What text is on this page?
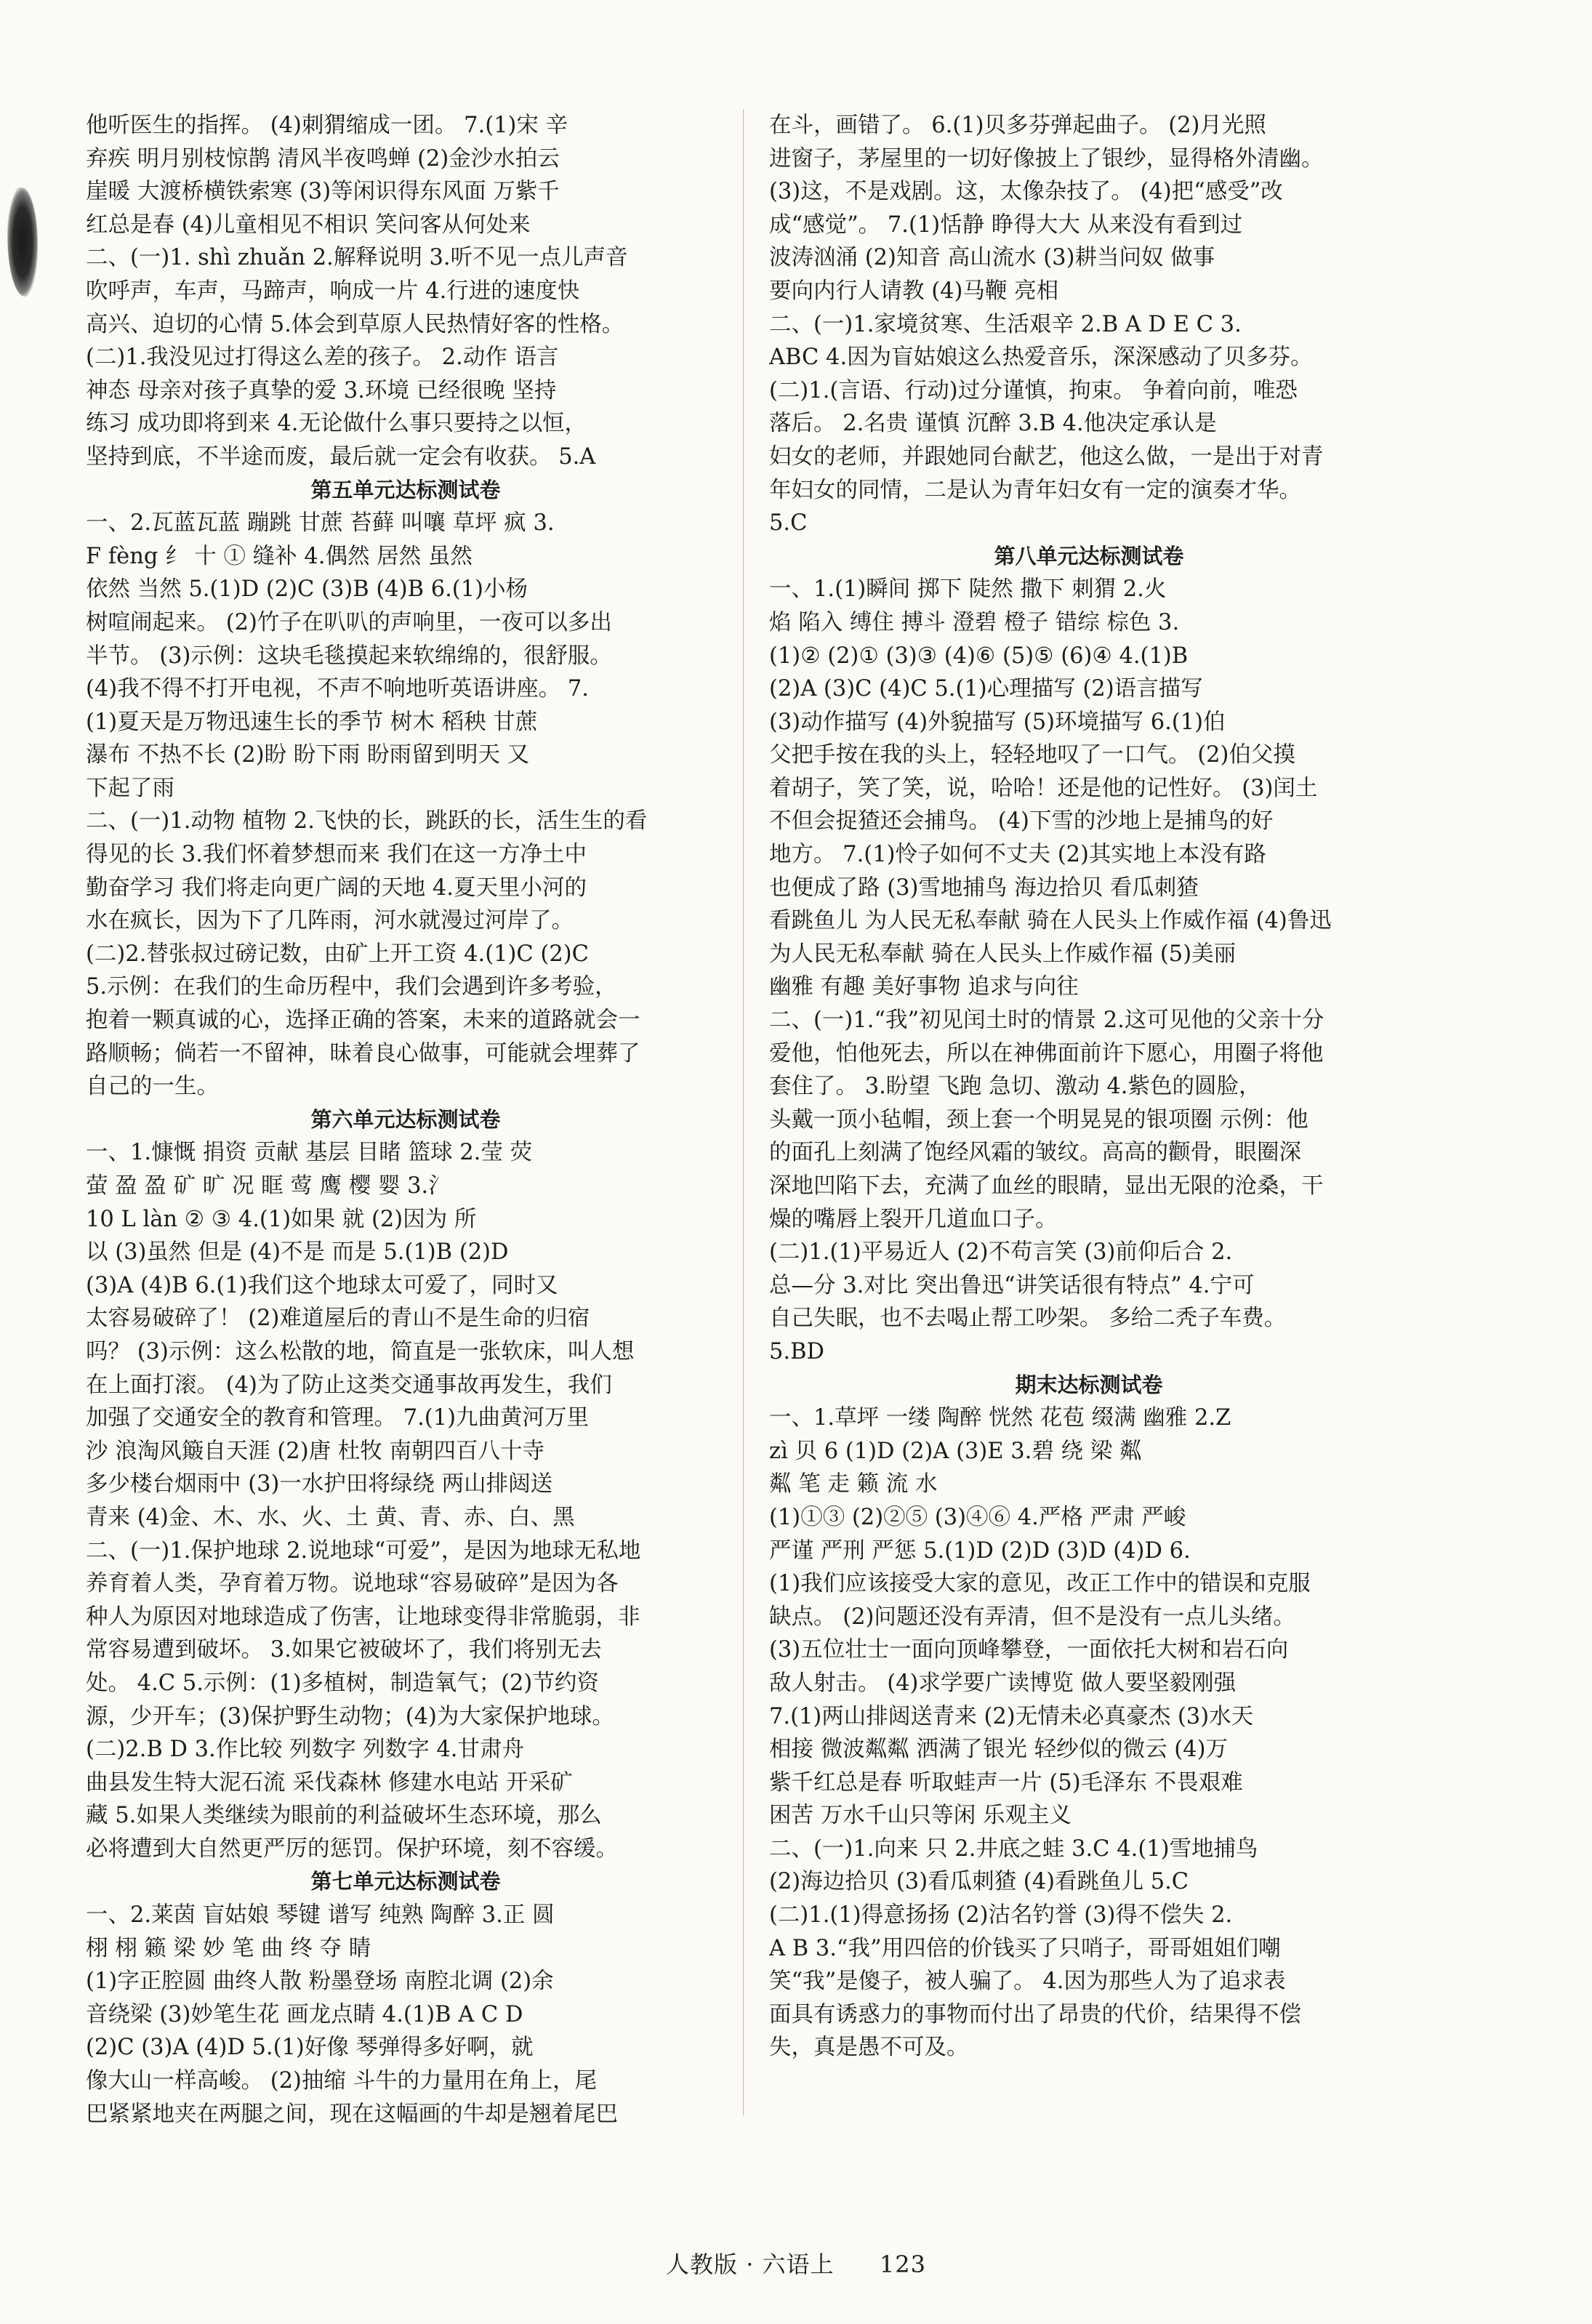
他听医生的指挥。 (4)刺猬缩成一团。 7.(1)宋 辛
弃疾 明月别枝惊鹊 清风半夜鸣蝉 (2)金沙水拍云
崖暖 大渡桥横铁索寒 (3)等闲识得东风面 万紫千
红总是春 (4)儿童相见不相识 笑问客从何处来
二、(一)1. shì zhuǎn 2.解释说明 3.听不见一点儿声音
吹呼声，车声，马蹄声，响成一片 4.行进的速度快
高兴、迫切的心情 5.体会到草原人民热情好客的性格。
(二)1.我没见过打得这么差的孩子。 2.动作 语言
神态 母亲对孩子真挚的爱 3.环境 已经很晚 坚持
练习 成功即将到来 4.无论做什么事只要持之以恒，
坚持到底，不半途而废，最后就一定会有收获。 5.A
第五单元达标测试卷
一、2.瓦蓝瓦蓝 蹦跳 甘蔗 苔藓 叫嚷 草坪 疯 3.
F fèng 纟 十 ① 缝补 4.偶然 居然 虽然
依然 当然 5.(1)D (2)C (3)B (4)B 6.(1)小杨
树喧闹起来。 (2)竹子在叭叭的声响里，一夜可以多出
半节。 (3)示例：这块毛毯摸起来软绵绵的，很舒服。
(4)我不得不打开电视，不声不响地听英语讲座。 7.
(1)夏天是万物迅速生长的季节 树木 稻秧 甘蔗
瀑布 不热不长 (2)盼 盼下雨 盼雨留到明天 又
下起了雨
二、(一)1.动物 植物 2.飞快的长，跳跃的长，活生生的看
得见的长 3.我们怀着梦想而来 我们在这一方净土中
勤奋学习 我们将走向更广阔的天地 4.夏天里小河的
水在疯长，因为下了几阵雨，河水就漫过河岸了。
(二)2.替张叔过磅记数，由矿上开工资 4.(1)C (2)C
5.示例：在我们的生命历程中，我们会遇到许多考验，
抱着一颗真诚的心，选择正确的答案，未来的道路就会一
路顺畅；倘若一不留神，昧着良心做事，可能就会埋葬了
自己的一生。
第六单元达标测试卷
一、1.慷慨 捐资 贡献 基层 目睹 篮球 2.莹 荧
萤 盈 盈 矿 旷 况 眶 莺 鹰 樱 婴 3.氵
10 L làn ② ③ 4.(1)如果 就 (2)因为 所
以 (3)虽然 但是 (4)不是 而是 5.(1)B (2)D
(3)A (4)B 6.(1)我们这个地球太可爱了，同时又
太容易破碎了！ (2)难道屋后的青山不是生命的归宿
吗？ (3)示例：这么松散的地，简直是一张软床，叫人想
在上面打滚。 (4)为了防止这类交通事故再发生，我们
加强了交通安全的教育和管理。 7.(1)九曲黄河万里
沙 浪淘风簸自天涯 (2)唐 杜牧 南朝四百八十寺
多少楼台烟雨中 (3)一水护田将绿绕 两山排闼送
青来 (4)金、木、水、火、土 黄、青、赤、白、黑
二、(一)1.保护地球 2.说地球“可爱”，是因为地球无私地
养育着人类，孕育着万物。说地球“容易破碎”是因为各
种人为原因对地球造成了伤害，让地球变得非常脆弱，非
常容易遭到破坏。 3.如果它被破坏了，我们将别无去
处。 4.C 5.示例：(1)多植树，制造氧气；(2)节约资
源，少开车；(3)保护野生动物；(4)为大家保护地球。
(二)2.B D 3.作比较 列数字 列数字 4.甘肃舟
曲县发生特大泥石流 采伐森林 修建水电站 开采矿
藏 5.如果人类继续为眼前的利益破坏生态环境，那么
必将遭到大自然更严厉的惩罚。保护环境，刻不容缓。
第七单元达标测试卷
一、2.莱茵 盲姑娘 琴键 谱写 纯熟 陶醉 3.正 圆
栩 栩 籁 梁 妙 笔 曲 终 夺 睛
(1)字正腔圆 曲终人散 粉墨登场 南腔北调 (2)余
音绕梁 (3)妙笔生花 画龙点睛 4.(1)B A C D
(2)C (3)A (4)D 5.(1)好像 琴弹得多好啊，就
像大山一样高峻。 (2)抽缩 斗牛的力量用在角上，尾
巴紧紧地夹在两腿之间，现在这幅画的牛却是翘着尾巴
在斗，画错了。 6.(1)贝多芬弹起曲子。 (2)月光照
进窗子，茅屋里的一切好像披上了银纱，显得格外清幽。
(3)这，不是戏剧。这，太像杂技了。 (4)把“感受”改
成“感觉”。 7.(1)恬静 睁得大大 从来没有看到过
波涛汹涌 (2)知音 高山流水 (3)耕当问奴 做事
要向内行人请教 (4)马鞭 亮相
二、(一)1.家境贫寒、生活艰辛 2.B A D E C 3.
ABC 4.因为盲姑娘这么热爱音乐，深深感动了贝多芬。
(二)1.(言语、行动)过分谨慎，拘束。 争着向前，唯恐
落后。 2.名贵 谨慎 沉醉 3.B 4.他决定承认是
妇女的老师，并跟她同台献艺，他这么做，一是出于对青
年妇女的同情，二是认为青年妇女有一定的演奏才华。
5.C
第八单元达标测试卷
一、1.(1)瞬间 掷下 陡然 撒下 刺猬 2.火
焰 陷入 缚住 搏斗 澄碧 橙子 错综 棕色 3.
(1)② (2)① (3)③ (4)⑥ (5)⑤ (6)④ 4.(1)B
(2)A (3)C (4)C 5.(1)心理描写 (2)语言描写
(3)动作描写 (4)外貌描写 (5)环境描写 6.(1)伯
父把手按在我的头上，轻轻地叹了一口气。 (2)伯父摸
着胡子，笑了笑，说，哈哈！还是他的记性好。 (3)闰土
不但会捉猹还会捕鸟。 (4)下雪的沙地上是捕鸟的好
地方。 7.(1)怜子如何不丈夫 (2)其实地上本没有路
也便成了路 (3)雪地捕鸟 海边拾贝 看瓜刺猹
看跳鱼儿 为人民无私奉献 骑在人民头上作威作福 (4)鲁迅
为人民无私奉献 骑在人民头上作威作福 (5)美丽
幽雅 有趣 美好事物 追求与向往
二、(一)1.“我”初见闰土时的情景 2.这可见他的父亲十分
爱他，怕他死去，所以在神佛面前许下愿心，用圈子将他
套住了。 3.盼望 飞跑 急切、激动 4.紫色的圆脸，
头戴一顶小毡帽，颈上套一个明晃晃的银项圈 示例：他
的面孔上刻满了饱经风霜的皱纹。高高的颧骨，眼圈深
深地凹陷下去，充满了血丝的眼睛，显出无限的沧桑，干
燥的嘴唇上裂开几道血口子。
(二)1.(1)平易近人 (2)不苟言笑 (3)前仰后合 2.
总—分 3.对比 突出鲁迅“讲笑话很有特点” 4.宁可
自己失眠，也不去喝止帮工吵架。 多给二秃子车费。
5.BD
期末达标测试卷
一、1.草坪 一缕 陶醉 恍然 花苞 缀满 幽雅 2.Z
zì 贝 6 (1)D (2)A (3)E 3.碧 绕 梁 粼
粼 笔 走 籁 流 水
(1)①③ (2)②⑤ (3)④⑥ 4.严格 严肃 严峻
严谨 严刑 严惩 5.(1)D (2)D (3)D (4)D 6.
(1)我们应该接受大家的意见，改正工作中的错误和克服
缺点。 (2)问题还没有弄清，但不是没有一点儿头绪。
(3)五位壮士一面向顶峰攀登，一面依托大树和岩石向
敌人射击。 (4)求学要广读博览 做人要坚毅刚强
7.(1)两山排闼送青来 (2)无情未必真豪杰 (3)水天
相接 微波粼粼 洒满了银光 轻纱似的微云 (4)万
紫千红总是春 听取蛙声一片 (5)毛泽东 不畏艰难
困苦 万水千山只等闲 乐观主义
二、(一)1.向来 只 2.井底之蛙 3.C 4.(1)雪地捕鸟
(2)海边拾贝 (3)看瓜刺猹 (4)看跳鱼儿 5.C
(二)1.(1)得意扬扬 (2)沽名钓誉 (3)得不偿失 2.
A B 3.“我”用四倍的价钱买了只哨子，哥哥姐姐们嘲
笑“我”是傻子，被人骗了。 4.因为那些人为了追求表
面具有诱惑力的事物而付出了昂贵的代价，结果得不偿
失，真是愚不可及。
人教版 · 六语上 123
